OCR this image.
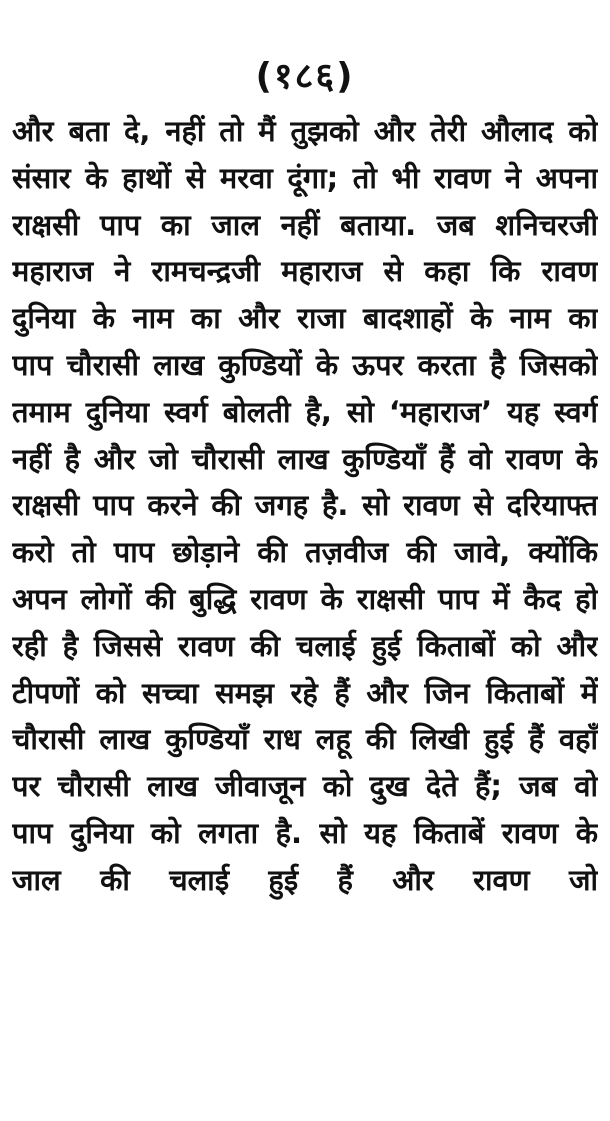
(१८६)
और बता दे, नहीं तो मैं तुझको और तेरी औलाद को
संसार के हाथों से मरवा दूंगा; तो भी रावण ने अपना
राक्षसी पाप का जाल नहीं बताया. जब शनिचरजी
महाराज ने रामचन्द्रजी महाराज से कहा कि रावण
दुनिया के नाम का और राजा बादशाहों के नाम का
पाप चौरासी लाख कुण्डियों के ऊपर करता है जिसको
तमाम दुनिया स्वर्ग बोलती है, सो ‘महाराज’ यह स्वर्ग
नहीं है और जो चौरासी लाख कुण्डियाँ हैं वो रावण के
राक्षसी पाप करने की जगह है. सो रावण से दरियाफ्त
करो तो पाप छोड़ाने की तज़वीज की जावे, क्योंकि
अपन लोगों की बुद्धि रावण के राक्षसी पाप में कैद हो
रही है जिससे रावण की चलाई हुई किताबों को और
टीपणों को सच्चा समझ रहे हैं और जिन किताबों में
चौरासी लाख कुण्डियाँ राध लहू की लिखी हुई हैं वहाँ
पर चौरासी लाख जीवाजून को दुख देते हैं; जब वो
पाप दुनिया को लगता है. सो यह किताबें रावण के
जाल की चलाई हुई हैं और रावण जो
